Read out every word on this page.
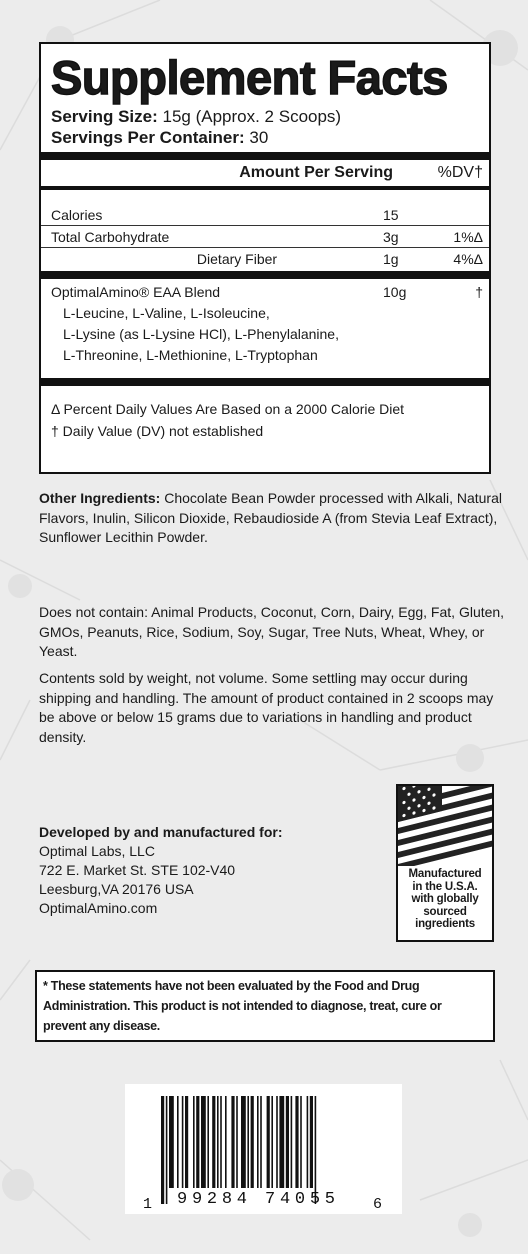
Supplement Facts
Serving Size: 15g (Approx. 2 Scoops)
Servings Per Container: 30
Amount Per Serving	%DV†
Calories	15
Total Carbohydrate	3g	1%Δ
Dietary Fiber	1g	4%Δ
OptimalAmino® EAA Blend	10g	†
L-Leucine, L-Valine, L-Isoleucine,
L-Lysine (as L-Lysine HCl), L-Phenylalanine,
L-Threonine, L-Methionine, L-Tryptophan
Δ Percent Daily Values Are Based on a 2000 Calorie Diet
† Daily Value (DV) not established
Other Ingredients: Chocolate Bean Powder processed with Alkali, Natural Flavors, Inulin, Silicon Dioxide, Rebaudioside A (from Stevia Leaf Extract), Sunflower Lecithin Powder.
Does not contain: Animal Products, Coconut, Corn, Dairy, Egg, Fat, Gluten, GMOs, Peanuts, Rice, Sodium, Soy, Sugar, Tree Nuts, Wheat, Whey, or Yeast.
Contents sold by weight, not volume. Some settling may occur during shipping and handling. The amount of product contained in 2 scoops may be above or below 15 grams due to variations in handling and product density.
Developed by and manufactured for:
Optimal Labs, LLC
722 E. Market St. STE 102-V40
Leesburg,VA 20176 USA
OptimalAmino.com
Manufactured
in the U.S.A.
with globally
sourced
ingredients
* These statements have not been evaluated by the Food and Drug Administration. This product is not intended to diagnose, treat, cure or prevent any disease.
1 99284 74055	6
